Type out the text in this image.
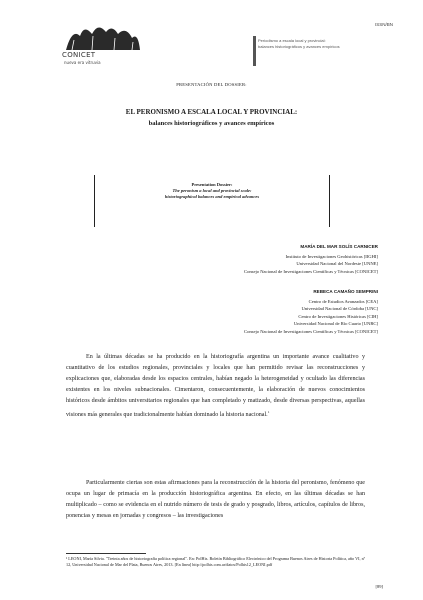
CONICET
nueva era vitruvia
ISSN/BN
Periodismo a escala local y provincial:
balances historiográficos y avances empíricos
PRESENTACIÓN DEL DOSSIER:
EL PERONISMO A ESCALA LOCAL Y PROVINCIAL:
balances historiográficos y avances empíricos
Presentation Dossier:
The peronism a local and provincial scale:
historiographical balances and empirical advances
MARÍA DEL MAR SOLÍS CARNICER
Instituto de Investigaciones Geohistóricas [IIGHI]
Universidad Nacional del Nordeste [UNNE]
Consejo Nacional de Investigaciones Científicas y Técnicas [CONICET]
REBECA CAMAÑO SEMPRINI
Centro de Estudios Avanzados [CEA]
Universidad Nacional de Córdoba [UNC]
Centro de Investigaciones Históricas [CIH]
Universidad Nacional de Río Cuarto [UNRC]
Consejo Nacional de Investigaciones Científicas y Técnicas [CONICET]
En la últimas décadas se ha producido en la historiografía argentina un importante avance cualitativo y cuantitativo de los estudios regionales, provinciales y locales que han permitido revisar las reconstrucciones y explicaciones que, elaboradas desde los espacios centrales, habían negado la heterogeneidad y ocultado las diferencias existentes en los niveles subnacionales. Cimentaron, consecuentemente, la elaboración de nuevos conocimientos históricos desde ámbitos universitarios regionales que han completado y matizado, desde diversas perspectivas, aquellas visiones más generales que tradicionalmente habían dominado la historia nacional.$^1$
Particularmente ciertas son estas afirmaciones para la reconstrucción de la historia del peronismo, fenómeno que ocupa un lugar de primacía en la producción historiográfica argentina. En efecto, en las últimas décadas se han multiplicado – como se evidencia en el nutrido número de tesis de grado y posgrado, libros, artículos, capítulos de libros, ponencias y mesas en jornadas y congresos – las investigaciones
¹ LEONI, María Silvia. "Treinta años de historiografía política regional". En: PolHis. Boletín Bibliográfico Electrónico del Programa Buenos Aires de Historia Política, año VI, nº 12, Universidad Nacional de Mar del Plata, Buenos Aires, 2013. [En línea] http://polhis.com.ar/datos/Polhis12_LEONI.pdf
[89]
